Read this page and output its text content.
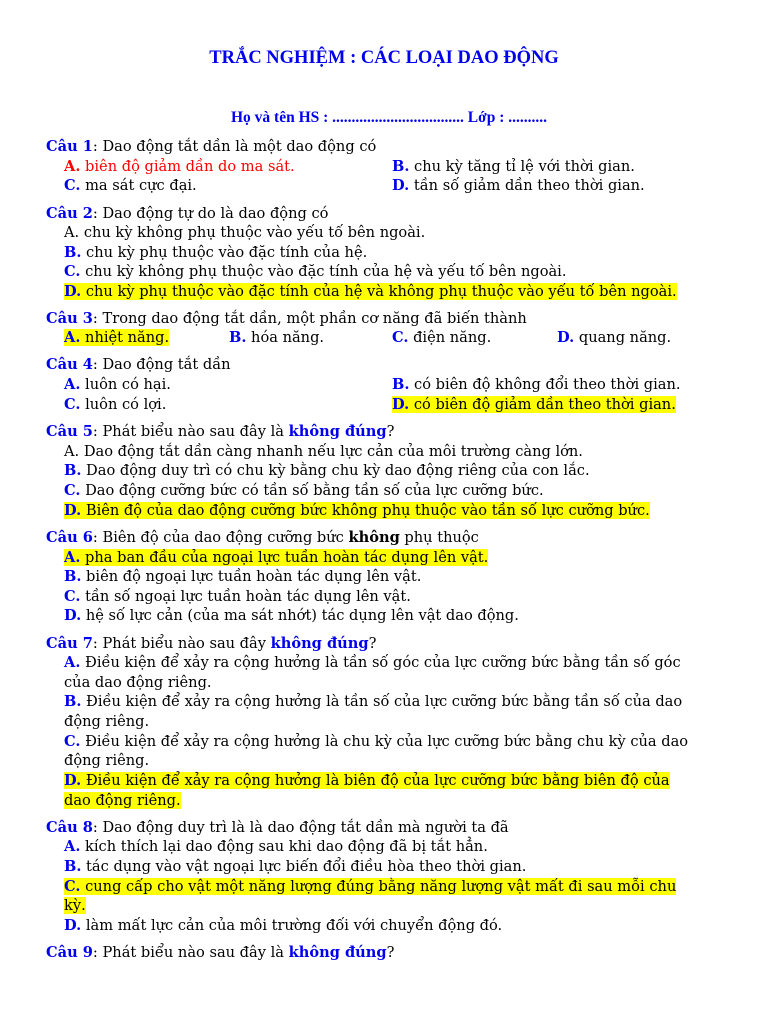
TRẮC NGHIỆM : CÁC LOẠI DAO ĐỘNG
Họ và tên HS : .................................. Lớp : ..........
Câu 1: Dao động tắt dần là một dao động có
A. biên độ giảm dần do ma sát.	B. chu kỳ tăng tỉ lệ với thời gian.
C. ma sát cực đại.	D. tần số giảm dần theo thời gian.
Câu 2: Dao động tự do là dao động có
A. chu kỳ không phụ thuộc vào yếu tố bên ngoài.
B. chu kỳ phụ thuộc vào đặc tính của hệ.
C. chu kỳ không phụ thuộc vào đặc tính của hệ và yếu tố bên ngoài.
D. chu kỳ phụ thuộc vào đặc tính của hệ và không phụ thuộc vào yếu tố bên ngoài.
Câu 3: Trong dao động tắt dần, một phần cơ năng đã biến thành
A. nhiệt năng.	B. hóa năng.	C. điện năng.	D. quang năng.
Câu 4: Dao động tắt dần
A. luôn có hại.	B. có biên độ không đổi theo thời gian.
C. luôn có lợi.	D. có biên độ giảm dần theo thời gian.
Câu 5: Phát biểu nào sau đây là không đúng?
A. Dao động tắt dần càng nhanh nếu lực cản của môi trường càng lớn.
B. Dao động duy trì có chu kỳ bằng chu kỳ dao động riêng của con lắc.
C. Dao động cưỡng bức có tần số bằng tần số của lực cưỡng bức.
D. Biên độ của dao động cưỡng bức không phụ thuộc vào tần số lực cưỡng bức.
Câu 6: Biên độ của dao động cưỡng bức không phụ thuộc
A. pha ban đầu của ngoại lực tuần hoàn tác dụng lên vật.
B. biên độ ngoại lực tuần hoàn tác dụng lên vật.
C. tần số ngoại lực tuần hoàn tác dụng lên vật.
D. hệ số lực cản (của ma sát nhớt) tác dụng lên vật dao động.
Câu 7: Phát biểu nào sau đây không đúng?
A. Điều kiện để xảy ra cộng hưởng là tần số góc của lực cưỡng bức bằng tần số góc
của dao động riêng.
B. Điều kiện để xảy ra cộng hưởng là tần số của lực cưỡng bức bằng tần số của dao
động riêng.
C. Điều kiện để xảy ra cộng hưởng là chu kỳ của lực cưỡng bức bằng chu kỳ của dao
động riêng.
D. Điều kiện để xảy ra cộng hưởng là biên độ của lực cưỡng bức bằng biên độ của
dao động riêng.
Câu 8: Dao động duy trì là là dao động tắt dần mà người ta đã
A. kích thích lại dao động sau khi dao động đã bị tắt hẳn.
B. tác dụng vào vật ngoại lực biến đổi điều hòa theo thời gian.
C. cung cấp cho vật một năng lượng đúng bằng năng lượng vật mất đi sau mỗi chu
kỳ.
D. làm mất lực cản của môi trường đối với chuyển động đó.
Câu 9: Phát biểu nào sau đây là không đúng?
